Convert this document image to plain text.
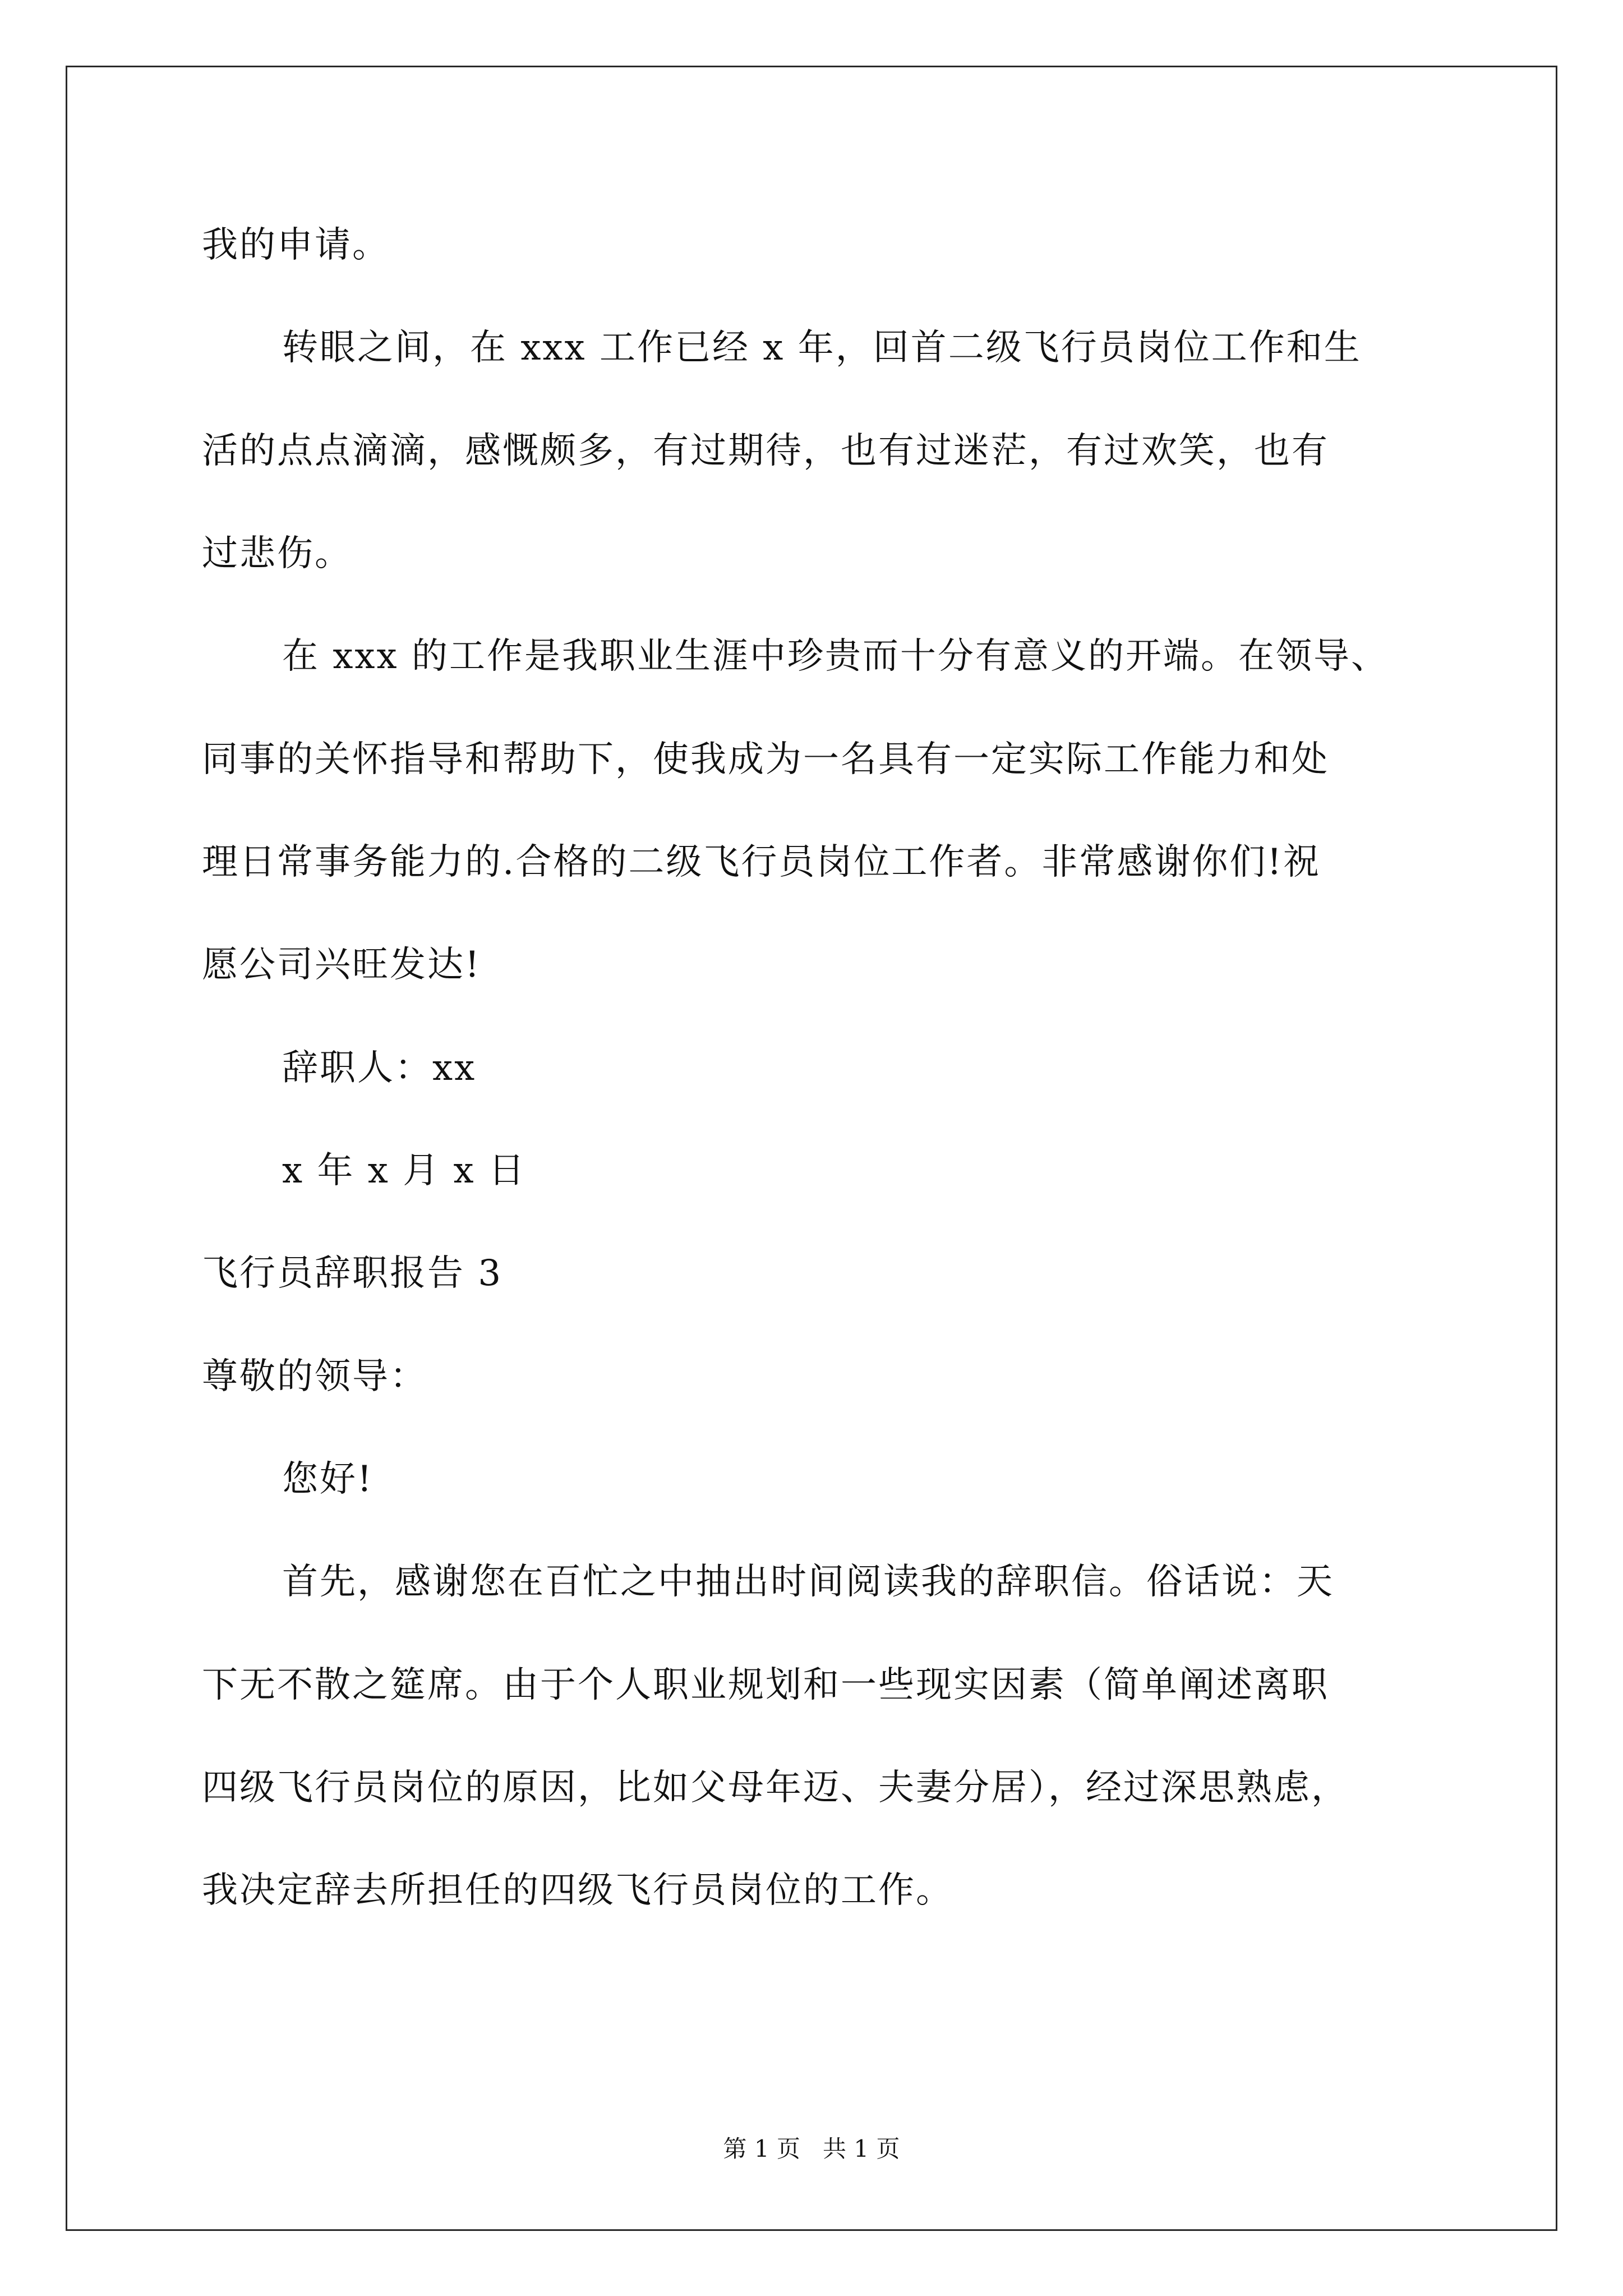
我的申请。
转眼之间，在 xxx 工作已经 x 年，回首二级飞行员岗位工作和生
活的点点滴滴，感慨颇多，有过期待，也有过迷茫，有过欢笑，也有
过悲伤。
在 xxx 的工作是我职业生涯中珍贵而十分有意义的开端。在领导、
同事的关怀指导和帮助下，使我成为一名具有一定实际工作能力和处
理日常事务能力的.合格的二级飞行员岗位工作者。非常感谢你们!祝
愿公司兴旺发达!
辞职人：xx
x 年 x 月 x 日
飞行员辞职报告 3
尊敬的领导：
您好!
首先，感谢您在百忙之中抽出时间阅读我的辞职信。俗话说：天
下无不散之筵席。由于个人职业规划和一些现实因素（简单阐述离职
四级飞行员岗位的原因，比如父母年迈、夫妻分居），经过深思熟虑，
我决定辞去所担任的四级飞行员岗位的工作。
第 1 页   共 1 页
